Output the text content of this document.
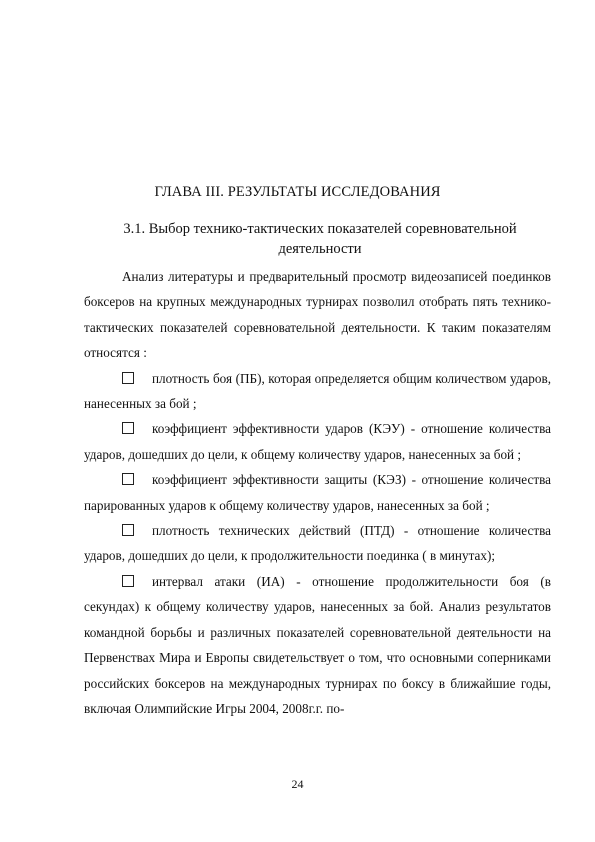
ГЛАВА III. РЕЗУЛЬТАТЫ ИССЛЕДОВАНИЯ
3.1. Выбор технико-тактических показателей соревновательной деятельности

Анализ литературы и предварительный просмотр видеозаписей поединков боксеров на крупных международных турнирах позволил отобрать пять технико-тактических показателей соревновательной деятельности. К таким показателям относятся :

плотность боя (ПБ), которая определяется общим количеством ударов, нанесенных за бой ;

коэффициент эффективности ударов (КЭУ) - отношение количества ударов, дошедших до цели, к общему количеству ударов, нанесенных за бой ;

коэффициент эффективности защиты (КЭЗ) - отношение количества парированных ударов к общему количеству ударов, нанесенных за бой ;

плотность технических действий (ПТД) - отношение количества ударов, дошедших до цели, к продолжительности поединка ( в минутах);

интервал атаки (ИА) - отношение продолжительности боя (в секундах) к общему количеству ударов, нанесенных за бой. Анализ результатов командной борьбы и различных показателей соревновательной деятельности на Первенствах Мира и Европы свидетельствует о том, что основными соперниками российских боксеров на международных турнирах по боксу в ближайшие годы, включая Олимпийские Игры 2004, 2008г.г. по-

24
